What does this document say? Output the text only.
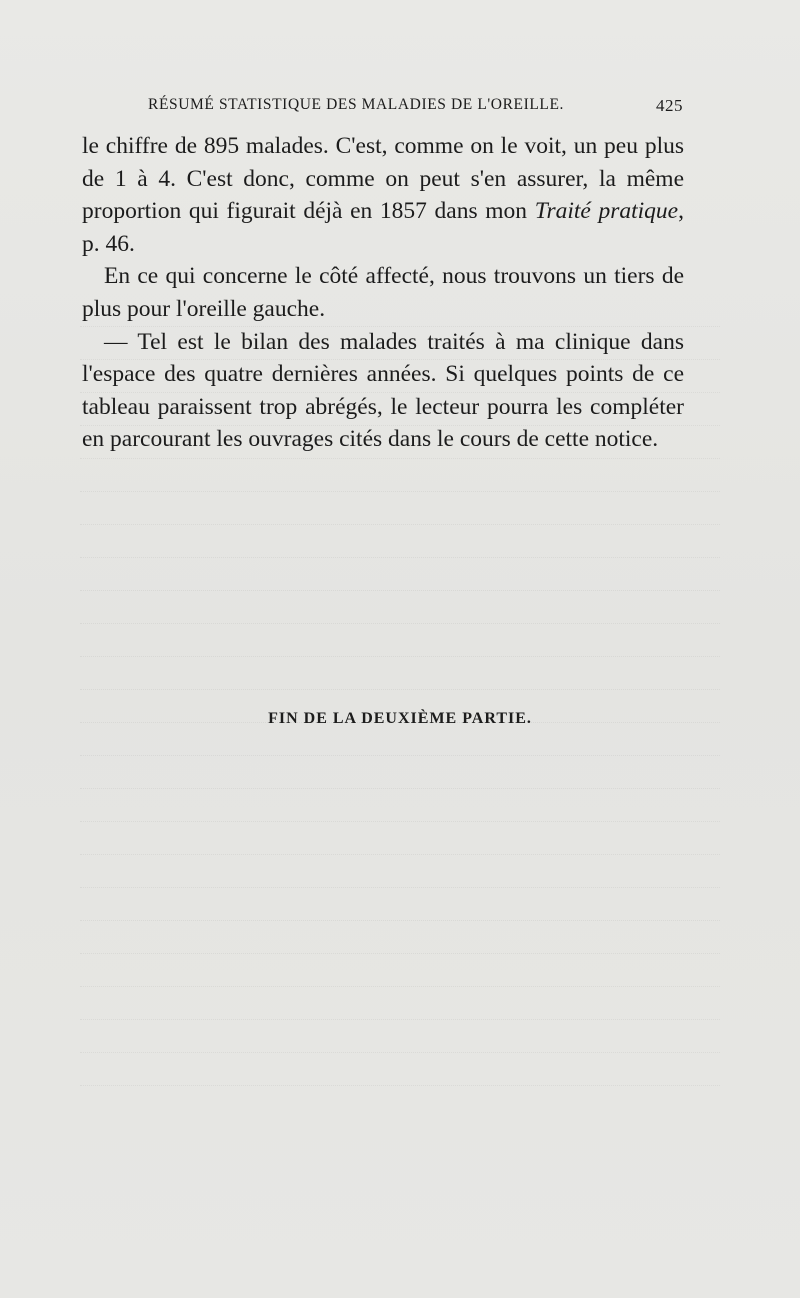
RÉSUMÉ STATISTIQUE DES MALADIES DE L'OREILLE.	425

le chiffre de 895 malades. C'est, comme on le voit, un peu plus de 1 à 4. C'est donc, comme on peut s'en assurer, la même proportion qui figurait déjà en 1857 dans mon Traité pratique, p. 46.

En ce qui concerne le côté affecté, nous trouvons un tiers de plus pour l'oreille gauche.

— Tel est le bilan des malades traités à ma clinique dans l'espace des quatre dernières années. Si quelques points de ce tableau paraissent trop abrégés, le lecteur pourra les compléter en parcourant les ouvrages cités dans le cours de cette notice.

FIN DE LA DEUXIÈME PARTIE.
